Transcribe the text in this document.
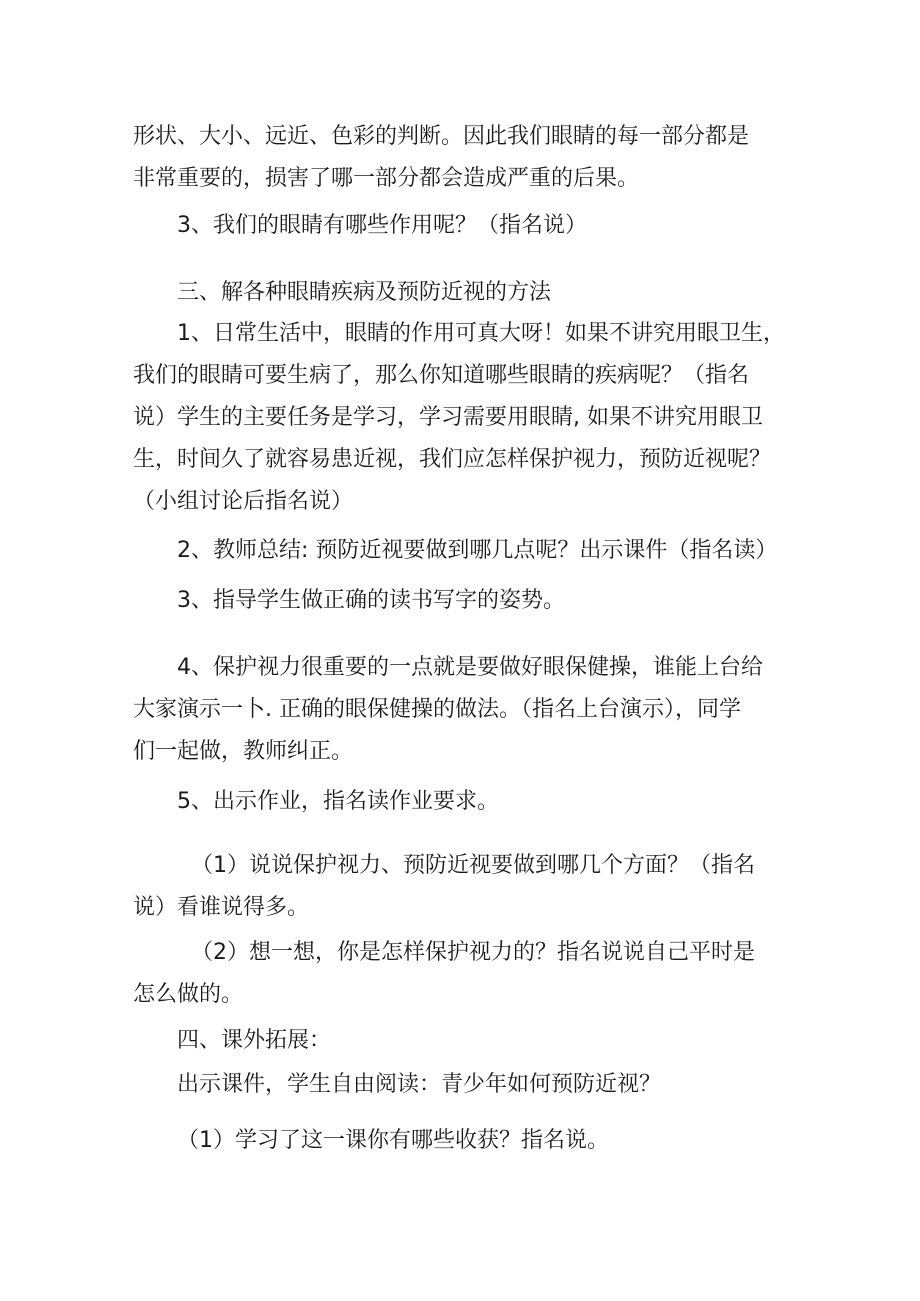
形状、大小、远近、色彩的判断。因此我们眼睛的每一部分都是
非常重要的，损害了哪一部分都会造成严重的后果。
3、我们的眼睛有哪些作用呢？（指名说）
三、解各种眼睛疾病及预防近视的方法
1、日常生活中，眼睛的作用可真大呀！如果不讲究用眼卫生，
我们的眼睛可要生病了，那么你知道哪些眼睛的疾病呢？（指名
说）学生的主要任务是学习，学习需要用眼睛, 如果不讲究用眼卫
生，时间久了就容易患近视，我们应怎样保护视力，预防近视呢？
（小组讨论后指名说）
2、教师总结: 预防近视要做到哪几点呢？出示课件（指名读）
3、指导学生做正确的读书写字的姿势。
4、保护视力很重要的一点就是要做好眼保健操，谁能上台给
大家演示一卜. 正确的眼保健操的做法。（指名上台演示），同学
们一起做，教师纠正。
5、出示作业，指名读作业要求。
（1）说说保护视力、预防近视要做到哪几个方面？（指名
说）看谁说得多。
（2）想一想，你是怎样保护视力的？指名说说自己平时是
怎么做的。
四、课外拓展：
出示课件，学生自由阅读：青少年如何预防近视？
（1）学习了这一课你有哪些收获？指名说。
